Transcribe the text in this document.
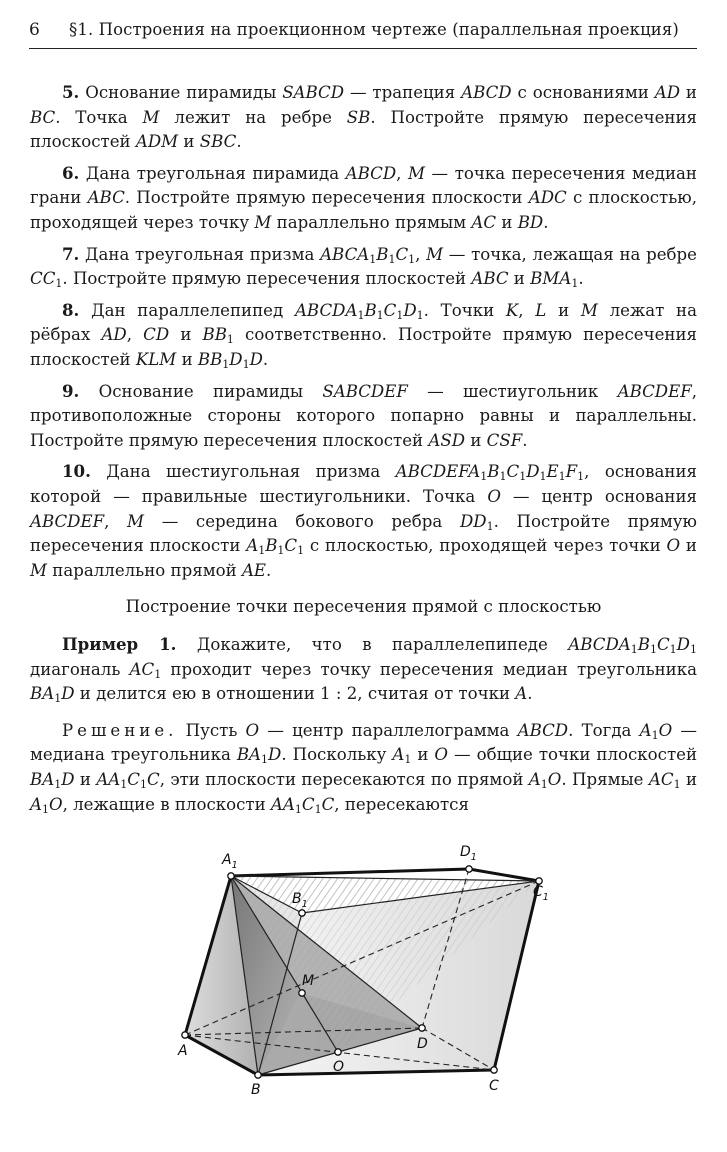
6 §1. Построения на проекционном чертеже (параллельная проекция)

5. Основание пирамиды SABCD — трапеция ABCD с основаниями AD и BC. Точка M лежит на ребре SB. Постройте прямую пересечения плоскостей ADM и SBC.

6. Дана треугольная пирамида ABCD, M — точка пересечения медиан грани ABC. Постройте прямую пересечения плоскости ADC с плоскостью, проходящей через точку M параллельно прямым AC и BD.

7. Дана треугольная призма $ABCA_1B_1C_1$, M — точка, лежащая на ребре $CC_1$. Постройте прямую пересечения плоскостей ABC и $BMA_1$.

8. Дан параллелепипед $ABCDA_1B_1C_1D_1$. Точки K, L и M лежат на рёбрах AD, CD и $BB_1$ соответственно. Постройте прямую пересечения плоскостей KLM и $BB_1D_1D$.

9. Основание пирамиды SABCDEF — шестиугольник ABCDEF, противоположные стороны которого попарно равны и параллельны. Постройте прямую пересечения плоскостей ASD и CSF.

10. Дана шестиугольная призма $ABCDEFA_1B_1C_1D_1E_1F_1$, основания которой — правильные шестиугольники. Точка O — центр основания ABCDEF, M — середина бокового ребра $DD_1$. Постройте прямую пересечения плоскости $A_1B_1C_1$ с плоскостью, проходящей через точки O и M параллельно прямой AE.

Построение точки пересечения прямой с плоскостью

Пример 1. Докажите, что в параллелепипеде $ABCDA_1B_1C_1D_1$ диагональ $AC_1$ проходит через точку пересечения медиан треугольника $BA_1D$ и делится ею в отношении 1 : 2, считая от точки A.

Решение. Пусть O — центр параллелограмма ABCD. Тогда $A_1O$ — медиана треугольника $BA_1D$. Поскольку $A_1$ и O — общие точки плоскостей $BA_1D$ и $AA_1C_1C$, эти плоскости пересекаются по прямой $A_1O$. Прямые $AC_1$ и $A_1O$, лежащие в плоскости $AA_1C_1C$, пересекаются

$A_1$
$D_1$
$B_1$
$C_1$
M
A	D
O
B	C
